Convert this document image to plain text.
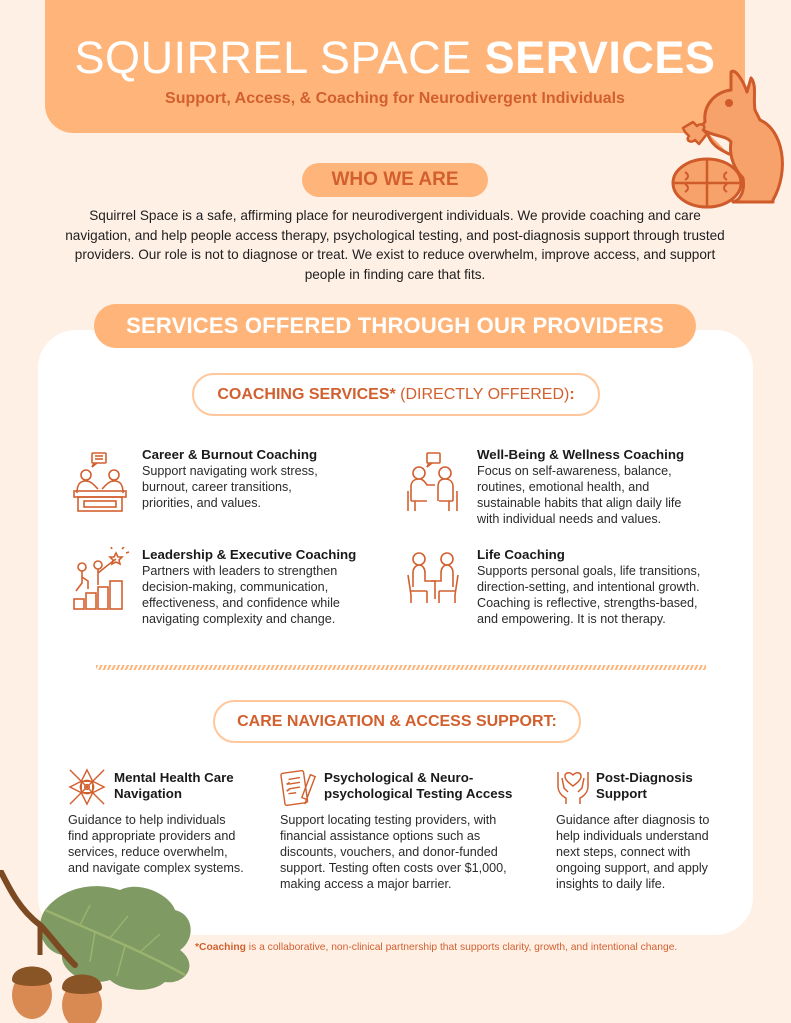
SQUIRREL SPACE SERVICES
Support, Access, & Coaching for Neurodivergent Individuals
WHO WE ARE
Squirrel Space is a safe, affirming place for neurodivergent individuals. We provide coaching and care navigation, and help people access therapy, psychological testing, and post-diagnosis support through trusted providers. Our role is not to diagnose or treat. We exist to reduce overwhelm, improve access, and support people in finding care that fits.
SERVICES OFFERED THROUGH OUR PROVIDERS
COACHING SERVICES* (DIRECTLY OFFERED):
Career & Burnout Coaching
Support navigating work stress, burnout, career transitions, priorities, and values.
Well-Being & Wellness Coaching
Focus on self-awareness, balance, routines, emotional health, and sustainable habits that align daily life with individual needs and values.
Leadership & Executive Coaching
Partners with leaders to strengthen decision-making, communication, effectiveness, and confidence while navigating complexity and change.
Life Coaching
Supports personal goals, life transitions, direction-setting, and intentional growth. Coaching is reflective, strengths-based, and empowering. It is not therapy.
CARE NAVIGATION & ACCESS SUPPORT:
Mental Health Care Navigation
Guidance to help individuals find appropriate providers and services, reduce overwhelm, and navigate complex systems.
Psychological & Neuro-psychological Testing Access
Support locating testing providers, with financial assistance options such as discounts, vouchers, and donor-funded support. Testing often costs over $1,000, making access a major barrier.
Post-Diagnosis Support
Guidance after diagnosis to help individuals understand next steps, connect with ongoing support, and apply insights to daily life.
*Coaching is a collaborative, non-clinical partnership that supports clarity, growth, and intentional change.
